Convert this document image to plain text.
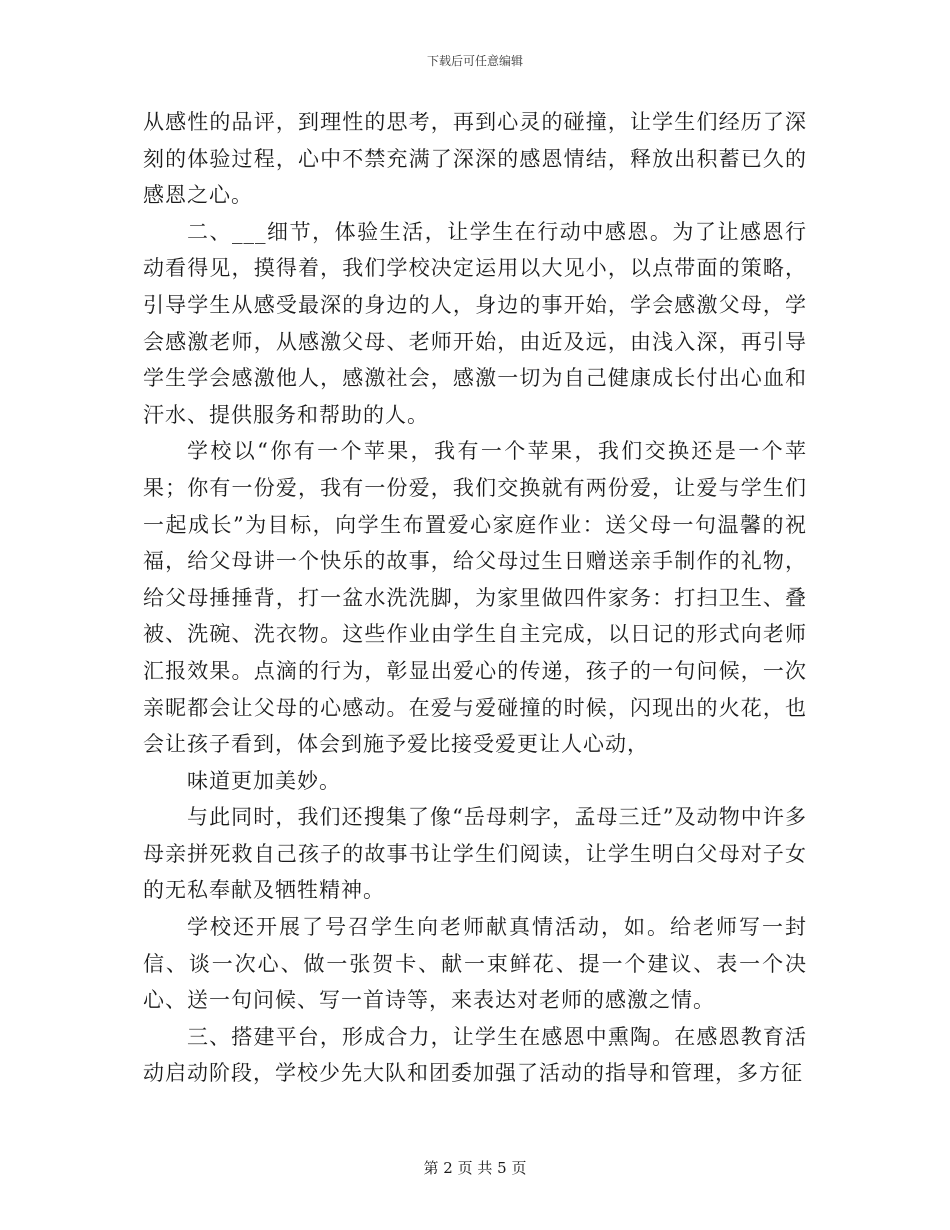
下载后可任意编辑

从感性的品评，到理性的思考，再到心灵的碰撞，让学生们经历了深刻的体验过程，心中不禁充满了深深的感恩情结，释放出积蓄已久的感恩之心。

二、___细节，体验生活，让学生在行动中感恩。为了让感恩行动看得见，摸得着，我们学校决定运用以大见小，以点带面的策略，引导学生从感受最深的身边的人，身边的事开始，学会感激父母，学会感激老师，从感激父母、老师开始，由近及远，由浅入深，再引导学生学会感激他人，感激社会，感激一切为自己健康成长付出心血和汗水、提供服务和帮助的人。

学校以“你有一个苹果，我有一个苹果，我们交换还是一个苹果；你有一份爱，我有一份爱，我们交换就有两份爱，让爱与学生们一起成长”为目标，向学生布置爱心家庭作业：送父母一句温馨的祝福，给父母讲一个快乐的故事，给父母过生日赠送亲手制作的礼物，给父母捶捶背，打一盆水洗洗脚，为家里做四件家务：打扫卫生、叠被、洗碗、洗衣物。这些作业由学生自主完成，以日记的形式向老师汇报效果。点滴的行为，彰显出爱心的传递，孩子的一句问候，一次亲昵都会让父母的心感动。在爱与爱碰撞的时候，闪现出的火花，也会让孩子看到，体会到施予爱比接受爱更让人心动，

味道更加美妙。

与此同时，我们还搜集了像“岳母刺字，孟母三迁”及动物中许多母亲拼死救自己孩子的故事书让学生们阅读，让学生明白父母对子女的无私奉献及牺牲精神。

学校还开展了号召学生向老师献真情活动，如。给老师写一封信、谈一次心、做一张贺卡、献一束鲜花、提一个建议、表一个决心、送一句问候、写一首诗等，来表达对老师的感激之情。

三、搭建平台，形成合力，让学生在感恩中熏陶。在感恩教育活动启动阶段，学校少先大队和团委加强了活动的指导和管理，多方征

第 2 页 共 5 页
